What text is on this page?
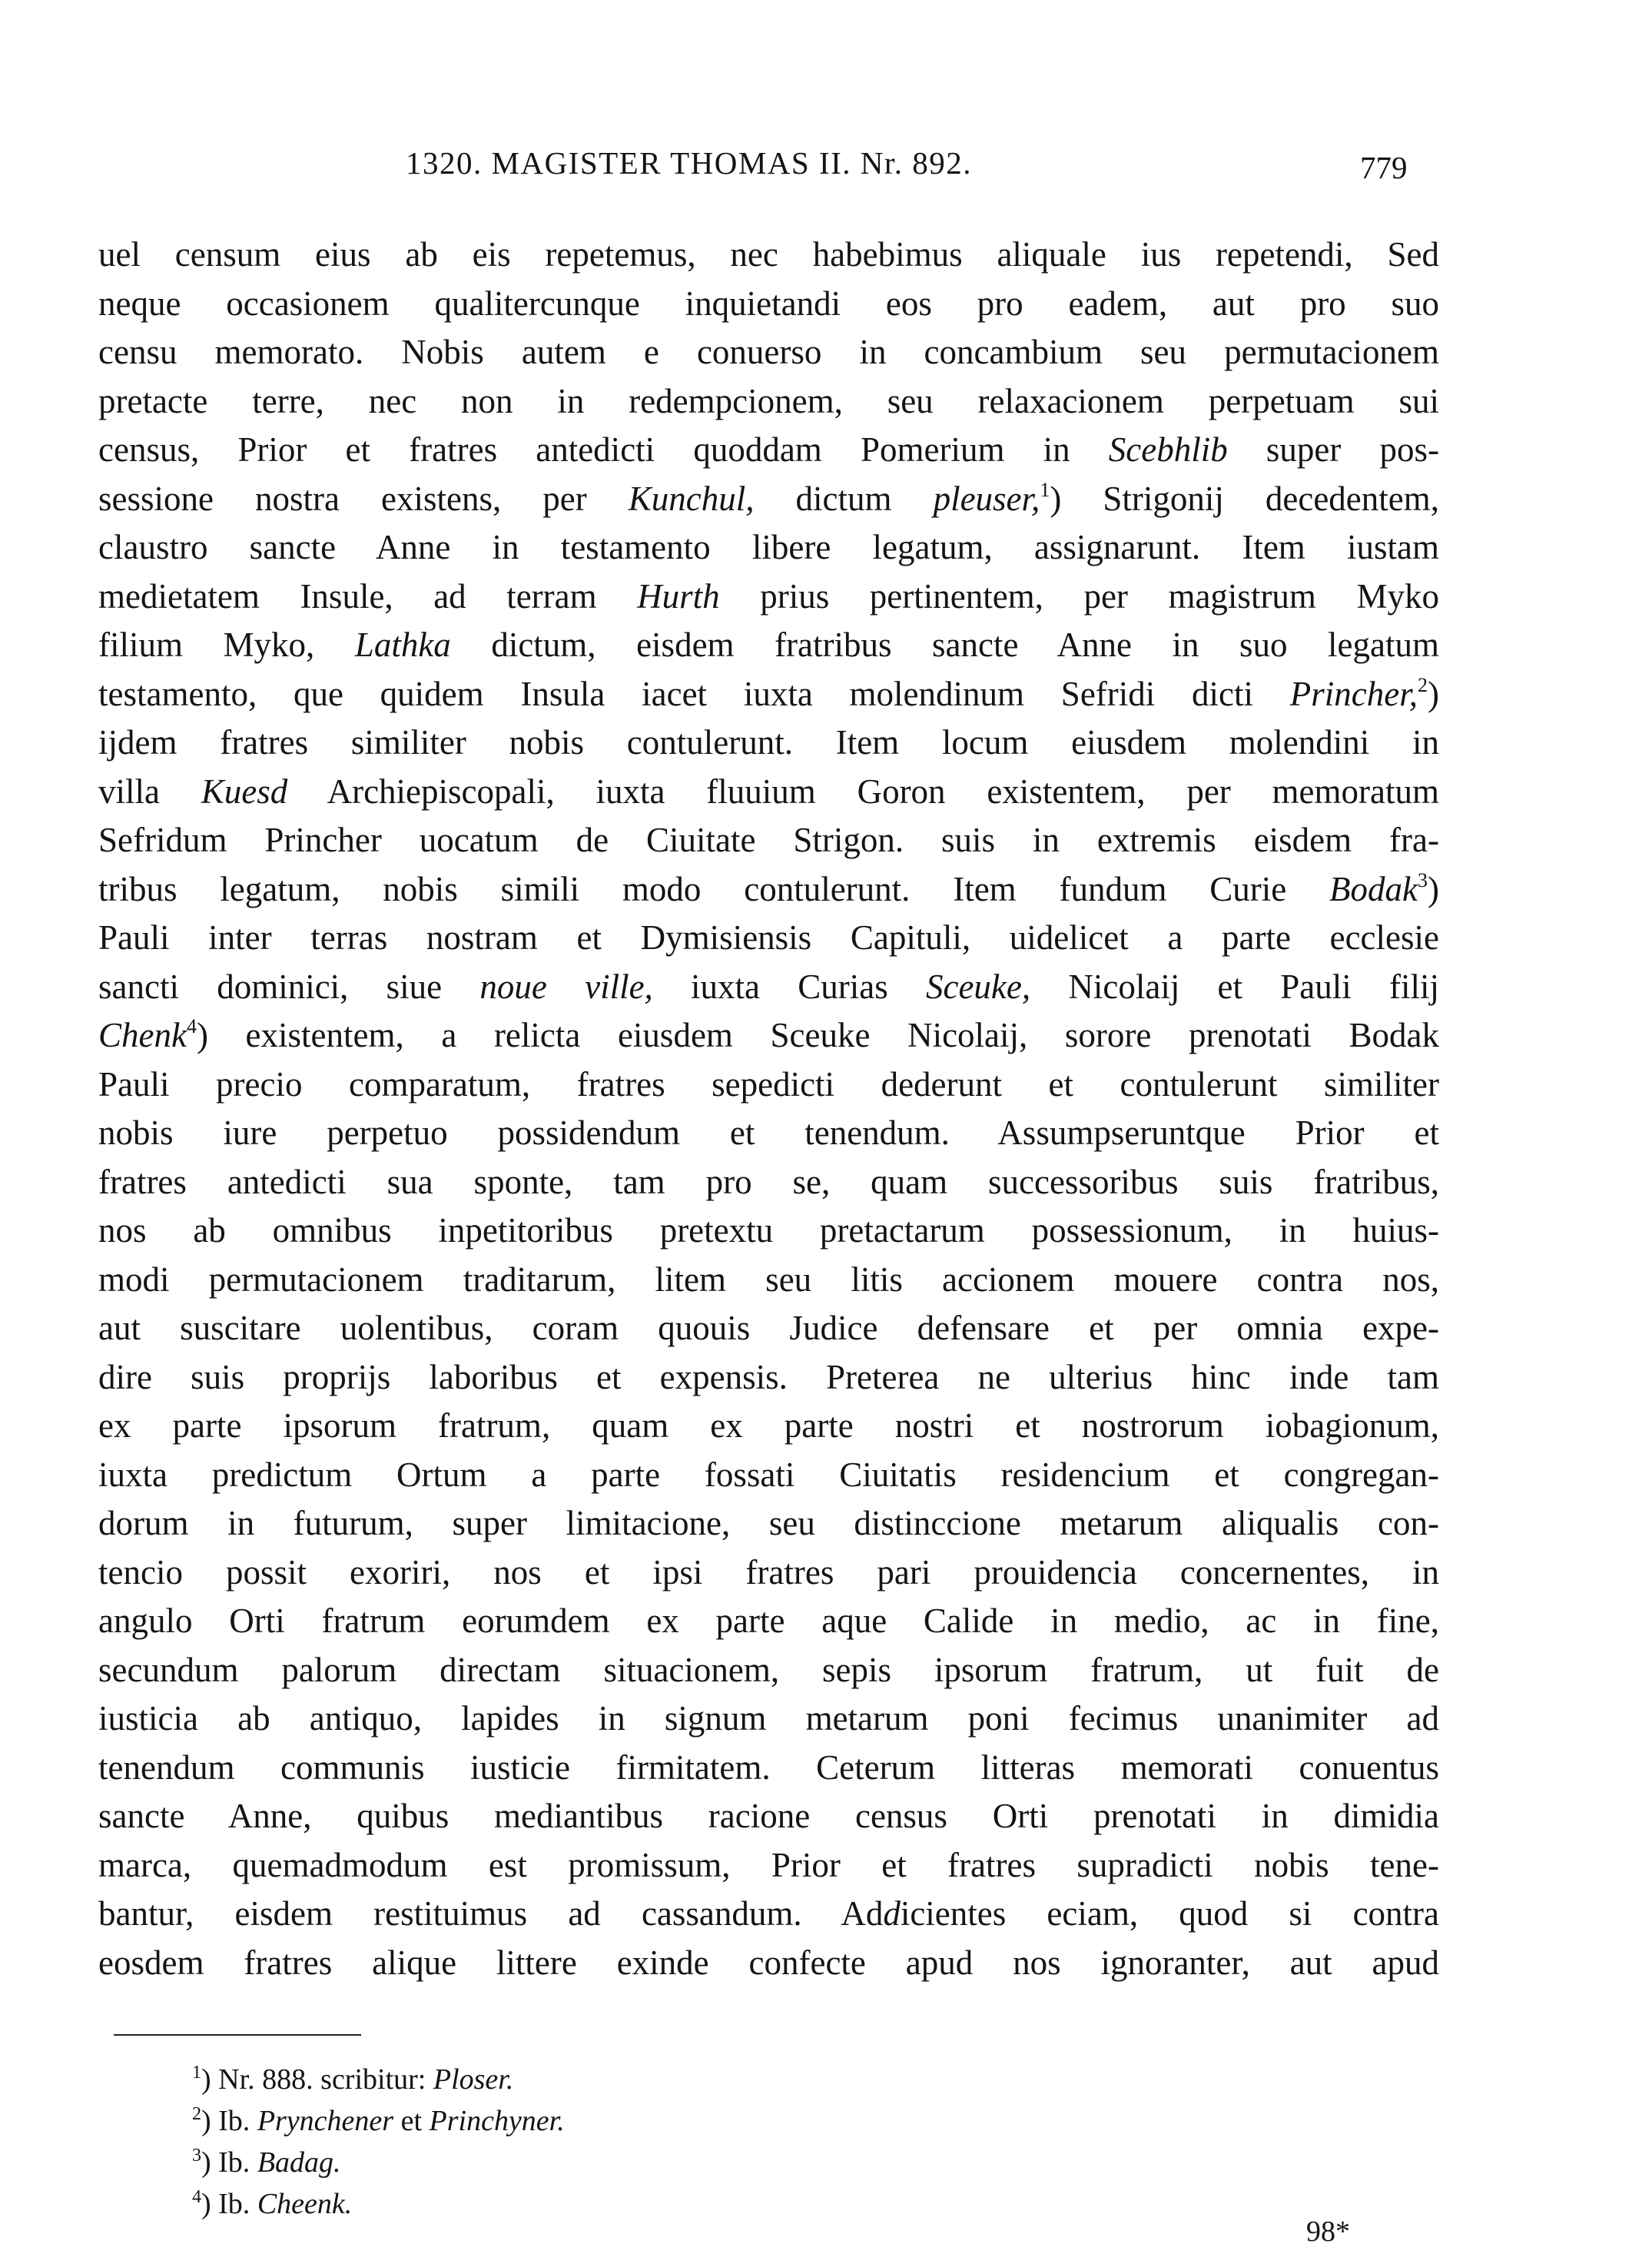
1320. MAGISTER THOMAS II. Nr. 892.	779
uel censum eius ab eis repetemus, nec habebimus aliquale ius repetendi, Sed
neque occasionem qualitercunque inquietandi eos pro eadem, aut pro suo
censu memorato. Nobis autem e conuerso in concambium seu permutacionem
pretacte terre, nec non in redempcionem, seu relaxacionem perpetuam sui
census, Prior et fratres antedicti quoddam Pomerium in Scebhlib super pos-
sessione nostra existens, per Kunchul, dictum pleuser,$^1$) Strigonij decedentem,
claustro sancte Anne in testamento libere legatum, assignarunt. Item iustam
medietatem Insule, ad terram Hurth prius pertinentem, per magistrum Myko
filium Myko, Lathka dictum, eisdem fratribus sancte Anne in suo legatum
testamento, que quidem Insula iacet iuxta molendinum Sefridi dicti Princher,$^2$)
ijdem fratres similiter nobis contulerunt. Item locum eiusdem molendini in
villa Kuesd Archiepiscopali, iuxta fluuium Goron existentem, per memoratum
Sefridum Princher uocatum de Ciuitate Strigon. suis in extremis eisdem fra-
tribus legatum, nobis simili modo contulerunt. Item fundum Curie Bodak$^3$)
Pauli inter terras nostram et Dymisiensis Capituli, uidelicet a parte ecclesie
sancti dominici, siue noue ville, iuxta Curias Sceuke, Nicolaij et Pauli filij
Chenk$^4$) existentem, a relicta eiusdem Sceuke Nicolaij, sorore prenotati Bodak
Pauli precio comparatum, fratres sepedicti dederunt et contulerunt similiter
nobis iure perpetuo possidendum et tenendum. Assumpseruntque Prior et
fratres antedicti sua sponte, tam pro se, quam successoribus suis fratribus,
nos ab omnibus inpetitoribus pretextu pretactarum possessionum, in huius-
modi permutacionem traditarum, litem seu litis accionem mouere contra nos,
aut suscitare uolentibus, coram quouis Judice defensare et per omnia expe-
dire suis proprijs laboribus et expensis. Preterea ne ulterius hinc inde tam
ex parte ipsorum fratrum, quam ex parte nostri et nostrorum iobagionum,
iuxta predictum Ortum a parte fossati Ciuitatis residencium et congregan-
dorum in futurum, super limitacione, seu distinccione metarum aliqualis con-
tencio possit exoriri, nos et ipsi fratres pari prouidencia concernentes, in
angulo Orti fratrum eorumdem ex parte aque Calide in medio, ac in fine,
secundum palorum directam situacionem, sepis ipsorum fratrum, ut fuit de
iusticia ab antiquo, lapides in signum metarum poni fecimus unanimiter ad
tenendum communis iusticie firmitatem. Ceterum litteras memorati conuentus
sancte Anne, quibus mediantibus racione census Orti prenotati in dimidia
marca, quemadmodum est promissum, Prior et fratres supradicti nobis tene-
bantur, eisdem restituimus ad cassandum. Addicientes eciam, quod si contra
eosdem fratres alique littere exinde confecte apud nos ignoranter, aut apud
$^1$) Nr. 888. scribitur: Ploser.
$^2$) Ib. Prynchener et Princhyner.
$^3$) Ib. Badag.
$^4$) Ib. Cheenk.
98*
